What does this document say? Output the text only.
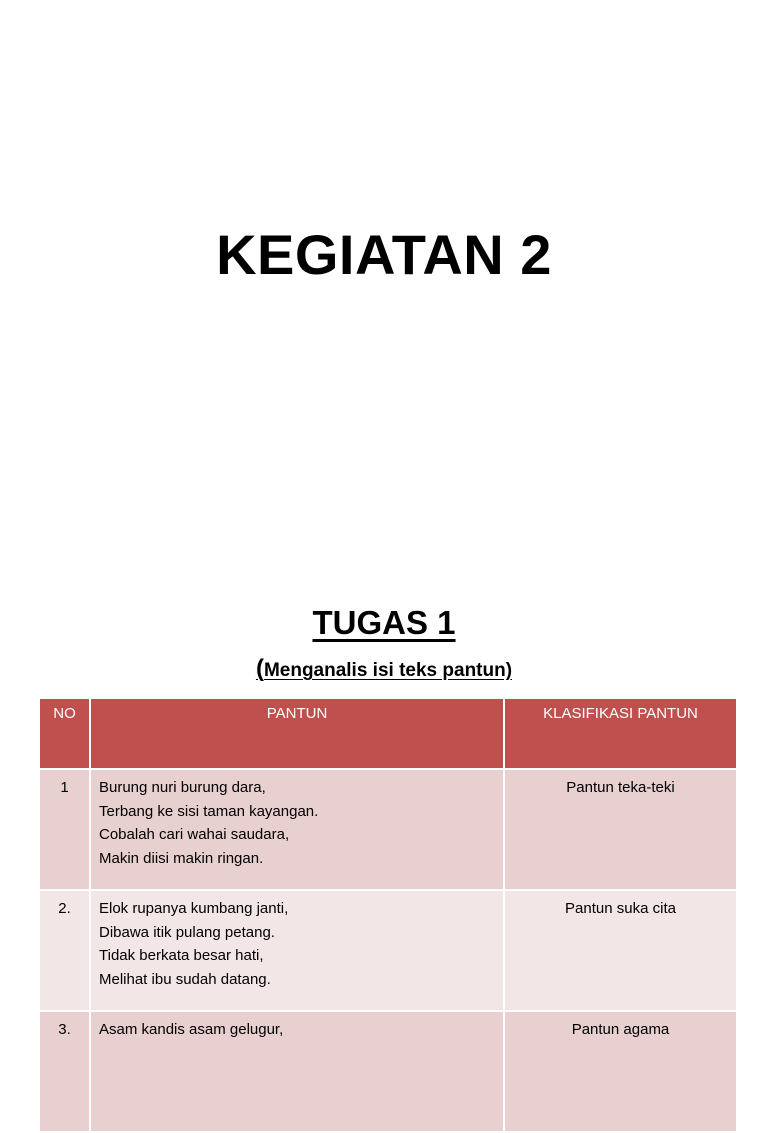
KEGIATAN 2
TUGAS 1
(Menganalis isi teks pantun)
NO	PANTUN	KLASIFIKASI PANTUN
1	Burung nuri burung dara,
Terbang ke sisi taman kayangan.
Cobalah cari wahai saudara,
Makin diisi makin ringan.	Pantun teka-teki
2.	Elok rupanya kumbang janti,
Dibawa itik pulang petang.
Tidak berkata besar hati,
Melihat ibu sudah datang.	Pantun suka cita
3.	Asam kandis asam gelugur,	Pantun agama
